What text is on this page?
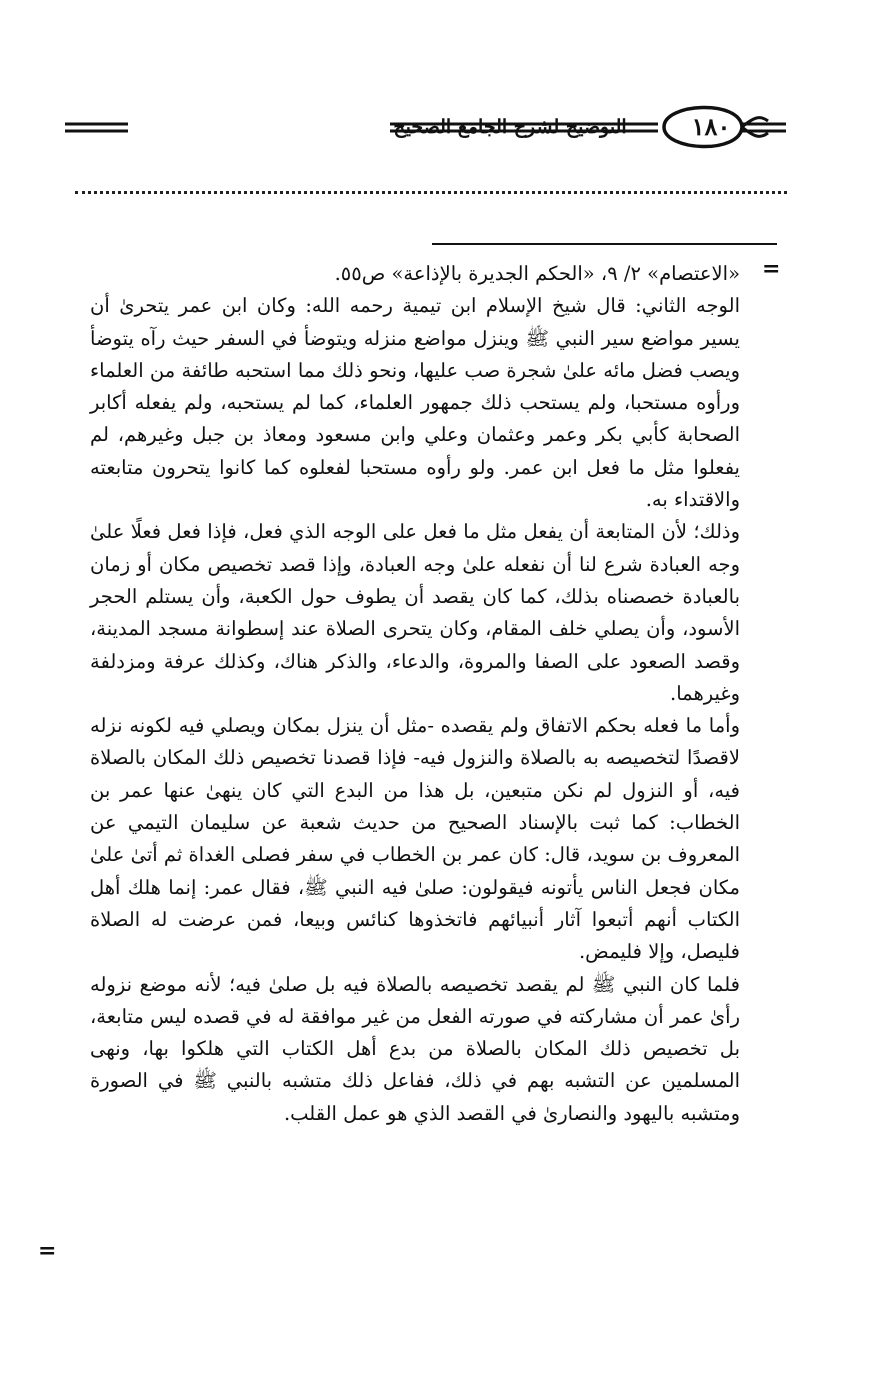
١٨٠
التوضيح لشرح الجامع الصحيح
=
=

«الاعتصام» ٢/ ٩، «الحكم الجديرة بالإذاعة» ص٥٥.

الوجه الثاني: قال شيخ الإسلام ابن تيمية رحمه الله: وكان ابن عمر يتحرىٰ أن يسير مواضع سير النبي ﷺ وينزل مواضع منزله ويتوضأ في السفر حيث رآه يتوضأ ويصب فضل مائه علىٰ شجرة صب عليها، ونحو ذلك مما استحبه طائفة من العلماء ورأوه مستحبا، ولم يستحب ذلك جمهور العلماء، كما لم يستحبه، ولم يفعله أكابر الصحابة كأبي بكر وعمر وعثمان وعلي وابن مسعود ومعاذ بن جبل وغيرهم، لم يفعلوا مثل ما فعل ابن عمر. ولو رأوه مستحبا لفعلوه كما كانوا يتحرون متابعته والاقتداء به.

وذلك؛ لأن المتابعة أن يفعل مثل ما فعل على الوجه الذي فعل، فإذا فعل فعلًا علىٰ وجه العبادة شرع لنا أن نفعله علىٰ وجه العبادة، وإذا قصد تخصيص مكان أو زمان بالعبادة خصصناه بذلك، كما كان يقصد أن يطوف حول الكعبة، وأن يستلم الحجر الأسود، وأن يصلي خلف المقام، وكان يتحرى الصلاة عند إسطوانة مسجد المدينة، وقصد الصعود على الصفا والمروة، والدعاء، والذكر هناك، وكذلك عرفة ومزدلفة وغيرهما.

وأما ما فعله بحكم الاتفاق ولم يقصده -مثل أن ينزل بمكان ويصلي فيه لكونه نزله لاقصدًا لتخصيصه به بالصلاة والنزول فيه- فإذا قصدنا تخصيص ذلك المكان بالصلاة فيه، أو النزول لم نكن متبعين، بل هذا من البدع التي كان ينهىٰ عنها عمر بن الخطاب: كما ثبت بالإسناد الصحيح من حديث شعبة عن سليمان التيمي عن المعروف بن سويد، قال: كان عمر بن الخطاب في سفر فصلى الغداة ثم أتىٰ علىٰ مكان فجعل الناس يأتونه فيقولون: صلىٰ فيه النبي ﷺ، فقال عمر: إنما هلك أهل الكتاب أنهم أتبعوا آثار أنبيائهم فاتخذوها كنائس وبيعا، فمن عرضت له الصلاة فليصل، وإلا فليمض.

فلما كان النبي ﷺ لم يقصد تخصيصه بالصلاة فيه بل صلىٰ فيه؛ لأنه موضع نزوله رأىٰ عمر أن مشاركته في صورته الفعل من غير موافقة له في قصده ليس متابعة، بل تخصيص ذلك المكان بالصلاة من بدع أهل الكتاب التي هلكوا بها، ونهى المسلمين عن التشبه بهم في ذلك، ففاعل ذلك متشبه بالنبي ﷺ في الصورة ومتشبه باليهود والنصارىٰ في القصد الذي هو عمل القلب.
